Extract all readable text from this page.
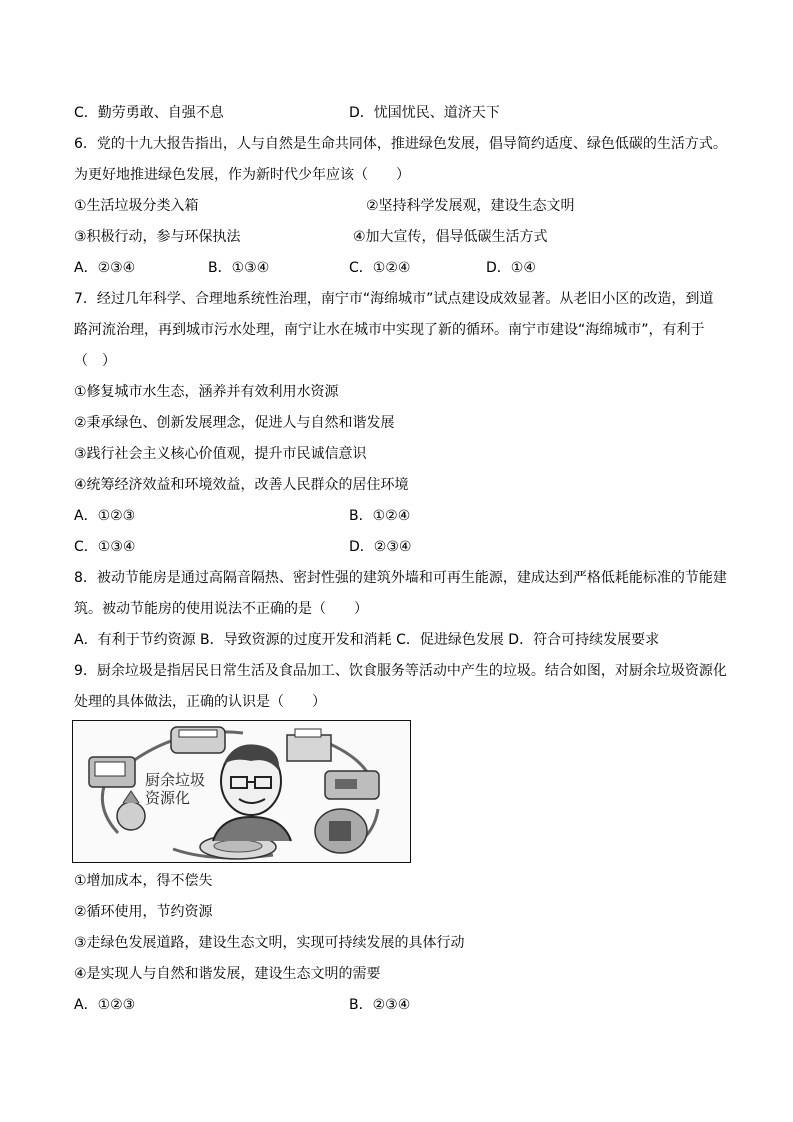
C．勤劳勇敢、自强不息	D．忧国忧民、道济天下
6．党的十九大报告指出，人与自然是生命共同体，推进绿色发展，倡导简约适度、绿色低碳的生活方式。
为更好地推进绿色发展，作为新时代少年应该（　　）
①生活垃圾分类入箱	②坚持科学发展观，建设生态文明
③积极行动，参与环保执法	④加大宣传，倡导低碳生活方式
A．②③④	B．①③④	C．①②④	D．①④
7．经过几年科学、合理地系统性治理，南宁市“海绵城市”试点建设成效显著。从老旧小区的改造，到道
路河流治理，再到城市污水处理，南宁让水在城市中实现了新的循环。南宁市建设“海绵城市”，有利于
（　）
①修复城市水生态，涵养并有效利用水资源
②秉承绿色、创新发展理念，促进人与自然和谐发展
③践行社会主义核心价值观，提升市民诚信意识
④统筹经济效益和环境效益，改善人民群众的居住环境
A．①②③	B．①②④
C．①③④	D．②③④
8．被动节能房是通过高隔音隔热、密封性强的建筑外墙和可再生能源，建成达到严格低耗能标准的节能建
筑。被动节能房的使用说法不正确的是（　　）
A．有利于节约资源 B．导致资源的过度开发和消耗 C．促进绿色发展 D．符合可持续发展要求
9．厨余垃圾是指居民日常生活及食品加工、饮食服务等活动中产生的垃圾。结合如图，对厨余垃圾资源化
处理的具体做法，正确的认识是（　　）
厨余垃圾资源化
①增加成本，得不偿失
②循环使用，节约资源
③走绿色发展道路，建设生态文明，实现可持续发展的具体行动
④是实现人与自然和谐发展，建设生态文明的需要
A．①②③	B．②③④
